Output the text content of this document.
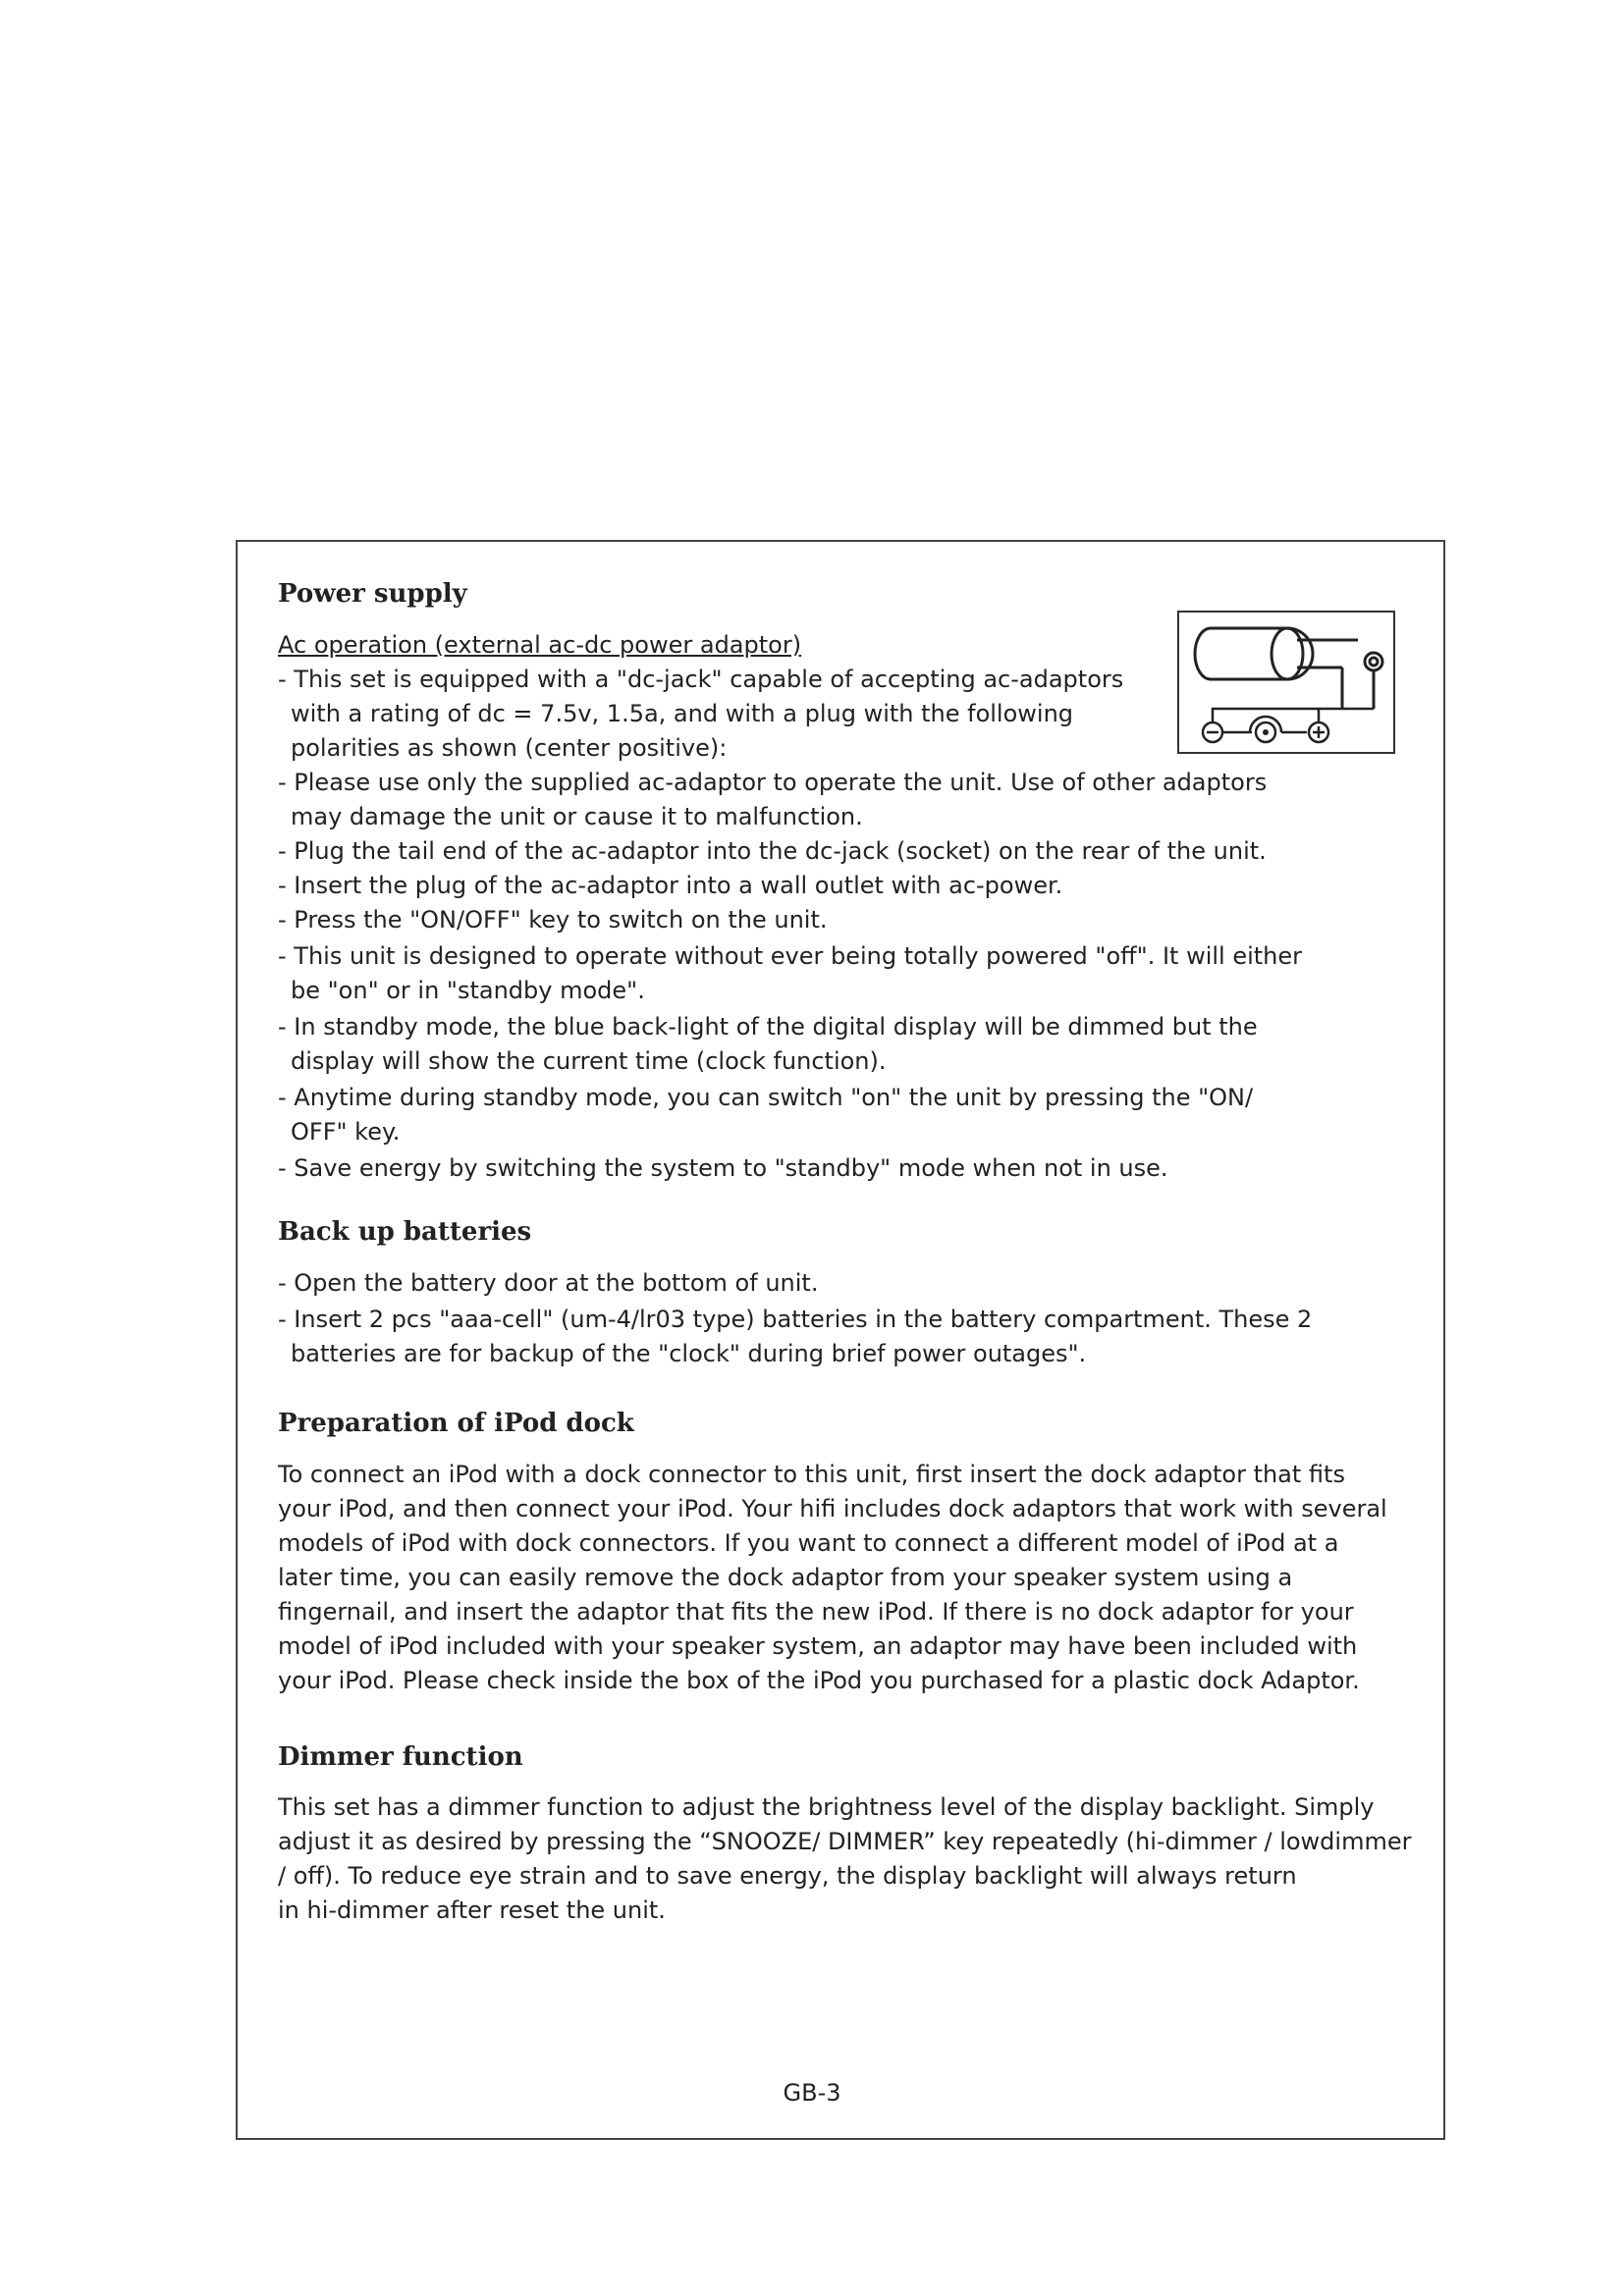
Power supply

Ac operation (external ac-dc power adaptor)

- This set is equipped with a "dc-jack" capable of accepting ac-adaptors

with a rating of dc = 7.5v, 1.5a, and with a plug with the following

polarities as shown (center positive):

- Please use only the supplied ac-adaptor to operate the unit. Use of other adaptors

may damage the unit or cause it to malfunction.

- Plug the tail end of the ac-adaptor into the dc-jack (socket) on the rear of the unit.

- Insert the plug of the ac-adaptor into a wall outlet with ac-power.

- Press the "ON/OFF" key to switch on the unit.

- This unit is designed to operate without ever being totally powered "off". It will either

be "on" or in "standby mode".

- In standby mode, the blue back-light of the digital display will be dimmed but the

display will show the current time (clock function).

- Anytime during standby mode, you can switch "on" the unit by pressing the "ON/

OFF" key.

- Save energy by switching the system to "standby" mode when not in use.

Back up batteries

- Open the battery door at the bottom of unit.

- Insert 2 pcs "aaa-cell" (um-4/lr03 type) batteries in the battery compartment. These 2

batteries are for backup of the "clock" during brief power outages".

Preparation of iPod dock

To connect an iPod with a dock connector to this unit, first insert the dock adaptor that fits

your iPod, and then connect your iPod. Your hifi includes dock adaptors that work with several

models of iPod with dock connectors. If you want to connect a different model of iPod at a

later time, you can easily remove the dock adaptor from your speaker system using a

fingernail, and insert the adaptor that fits the new iPod. If there is no dock adaptor for your

model of iPod included with your speaker system, an adaptor may have been included with

your iPod. Please check inside the box of the iPod you purchased for a plastic dock Adaptor.

Dimmer function

This set has a dimmer function to adjust the brightness level of the display backlight. Simply

adjust it as desired by pressing the “SNOOZE/ DIMMER” key repeatedly (hi-dimmer / lowdimmer

/ off). To reduce eye strain and to save energy, the display backlight will always return

in hi-dimmer after reset the unit.

GB-3
